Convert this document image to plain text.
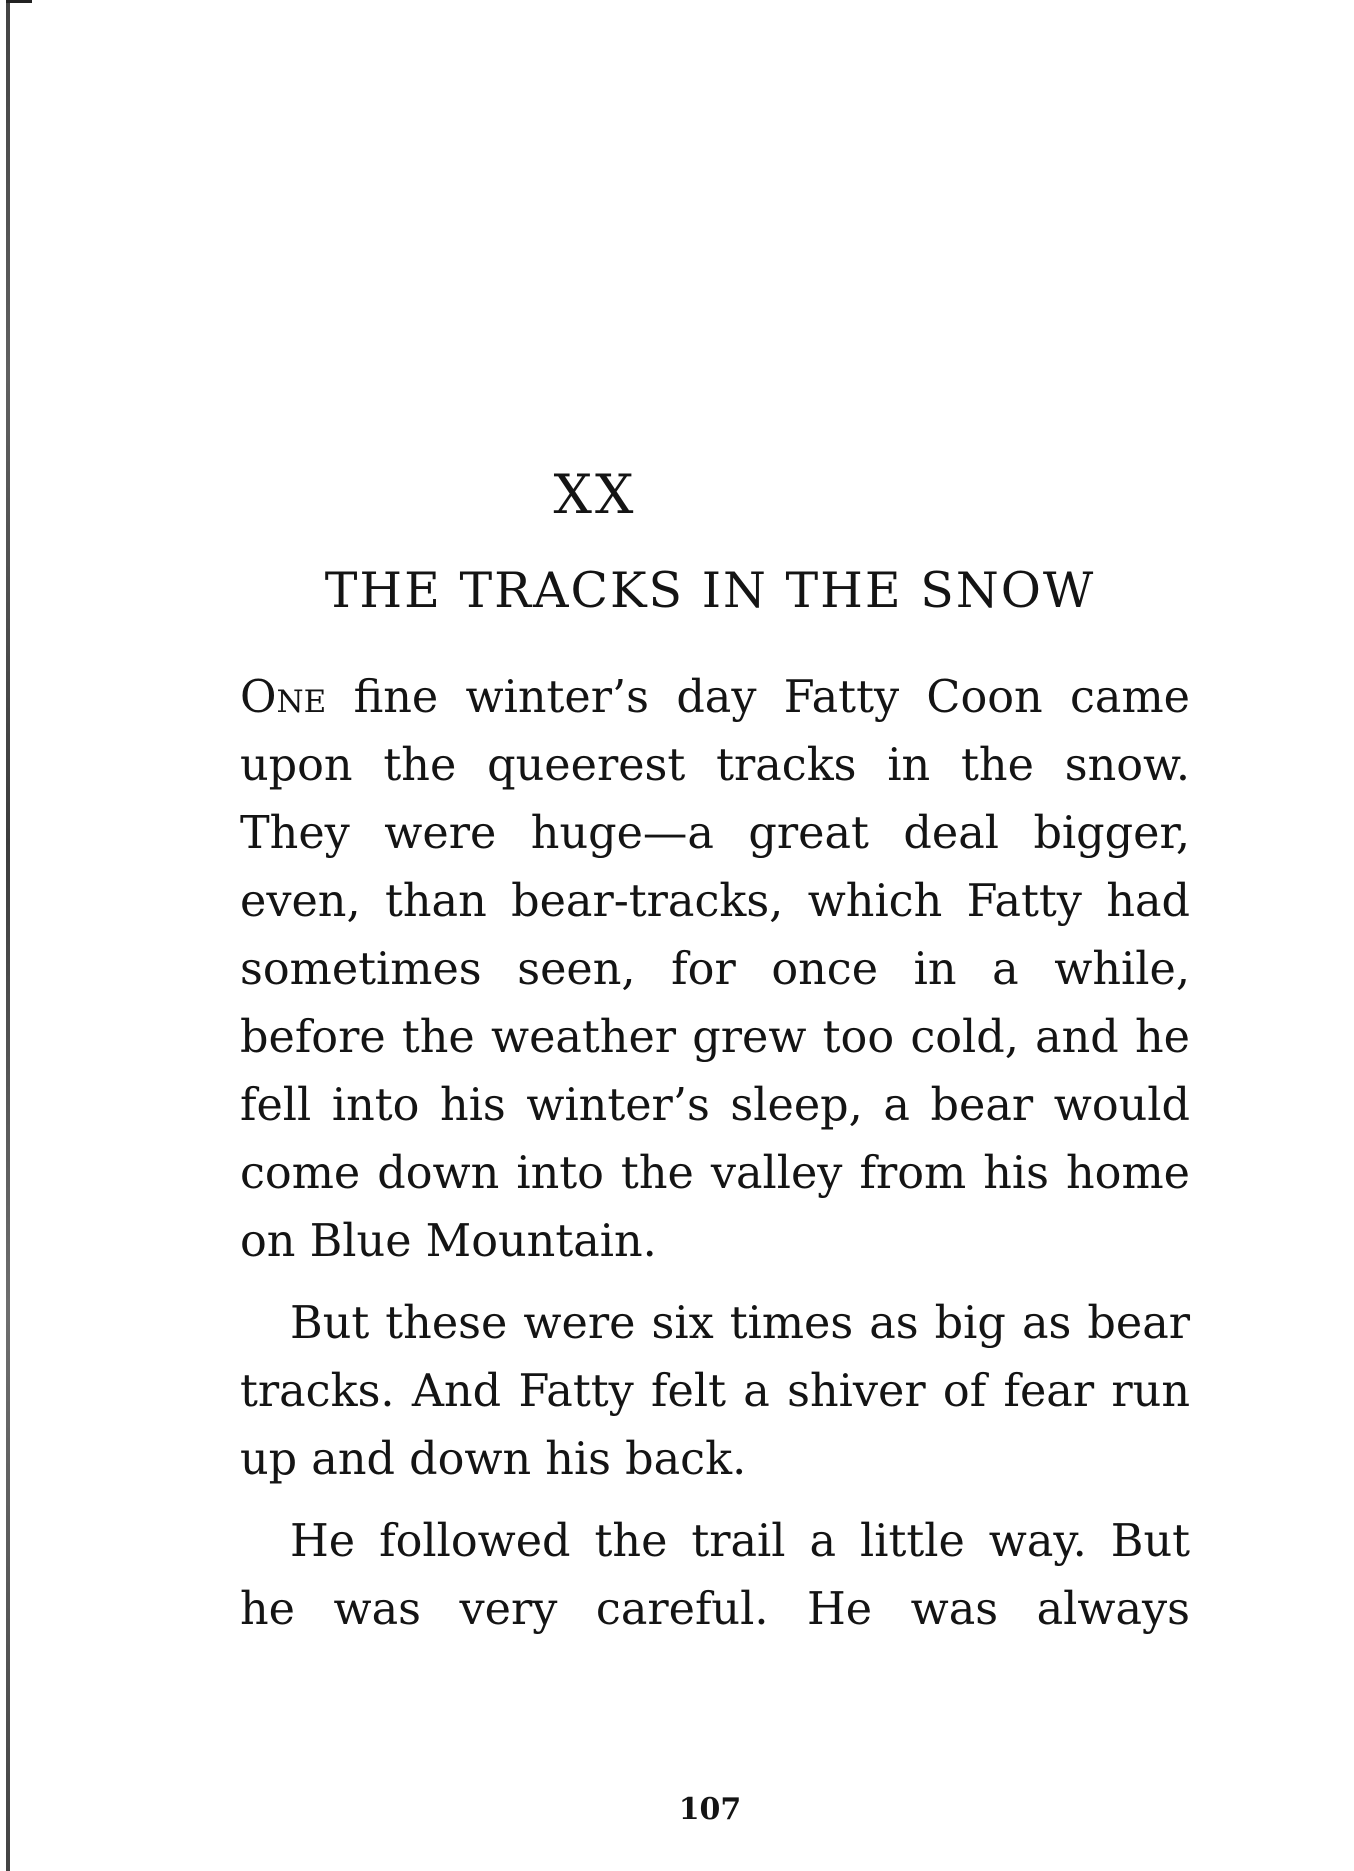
XX
THE TRACKS IN THE SNOW

One fine winter’s day Fatty Coon came upon the queerest tracks in the snow. They were huge—a great deal bigger, even, than bear-tracks, which Fatty had sometimes seen, for once in a while, before the weather grew too cold, and he fell into his winter’s sleep, a bear would come down into the valley from his home on Blue Mountain.

But these were six times as big as bear tracks. And Fatty felt a shiver of fear run up and down his back.

He followed the trail a little way. But he was very careful. He was always

107
